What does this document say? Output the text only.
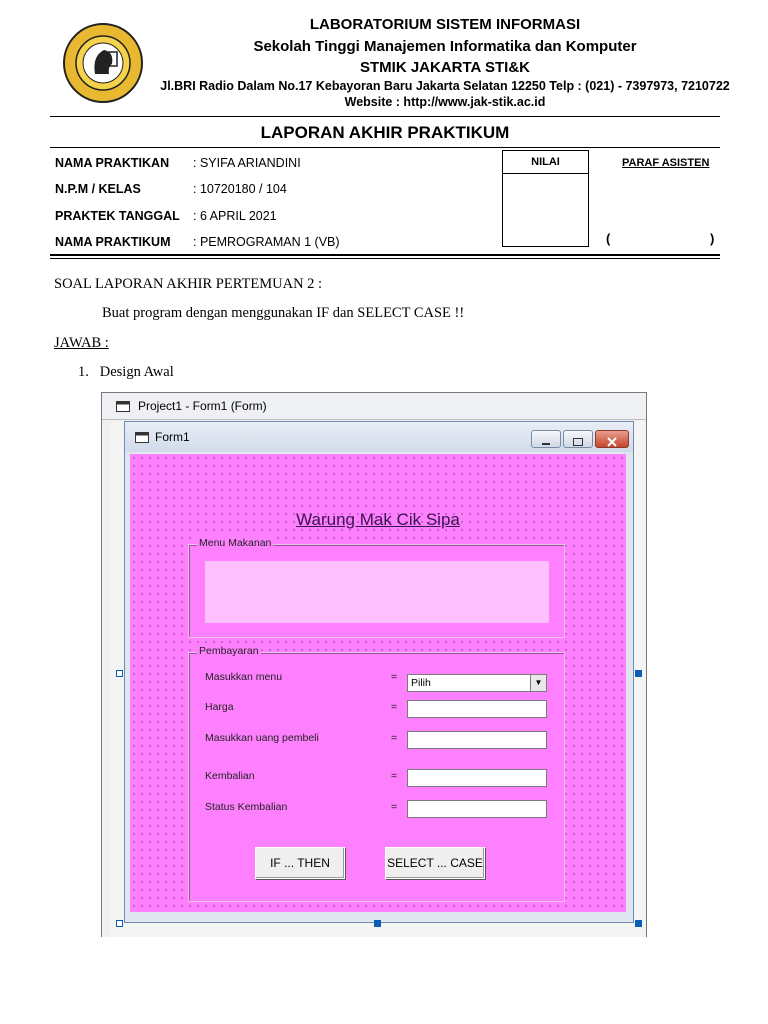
LABORATORIUM SISTEM INFORMASI
Sekolah Tinggi Manajemen Informatika dan Komputer
STMIK JAKARTA STI&K
Jl.BRI Radio Dalam No.17 Kebayoran Baru Jakarta Selatan 12250 Telp : (021) - 7397973, 7210722
Website : http://www.jak-stik.ac.id
LAPORAN AKHIR PRAKTIKUM
NAMA PRAKTIKAN : SYIFA ARIANDINI
N.P.M / KELAS	: 10720180 / 104
PRAKTEK TANGGAL : 6 APRIL 2021
NAMA PRAKTIKUM : PEMROGRAMAN 1 (VB)
NILAI	PARAF ASISTEN
(	)
SOAL LAPORAN AKHIR PERTEMUAN 2 :
Buat program dengan menggunakan IF dan SELECT CASE !!
JAWAB :
1.   Design Awal
Project1 - Form1 (Form)
Form1
Warung Mak Cik Sipa
Menu Makanan
Pembayaran
Masukkan menu	= Pilih	▼
Harga	=
Masukkan uang pembeli	=
Kembalian	=
Status Kembalian	=
IF ... THEN	SELECT ... CASE
